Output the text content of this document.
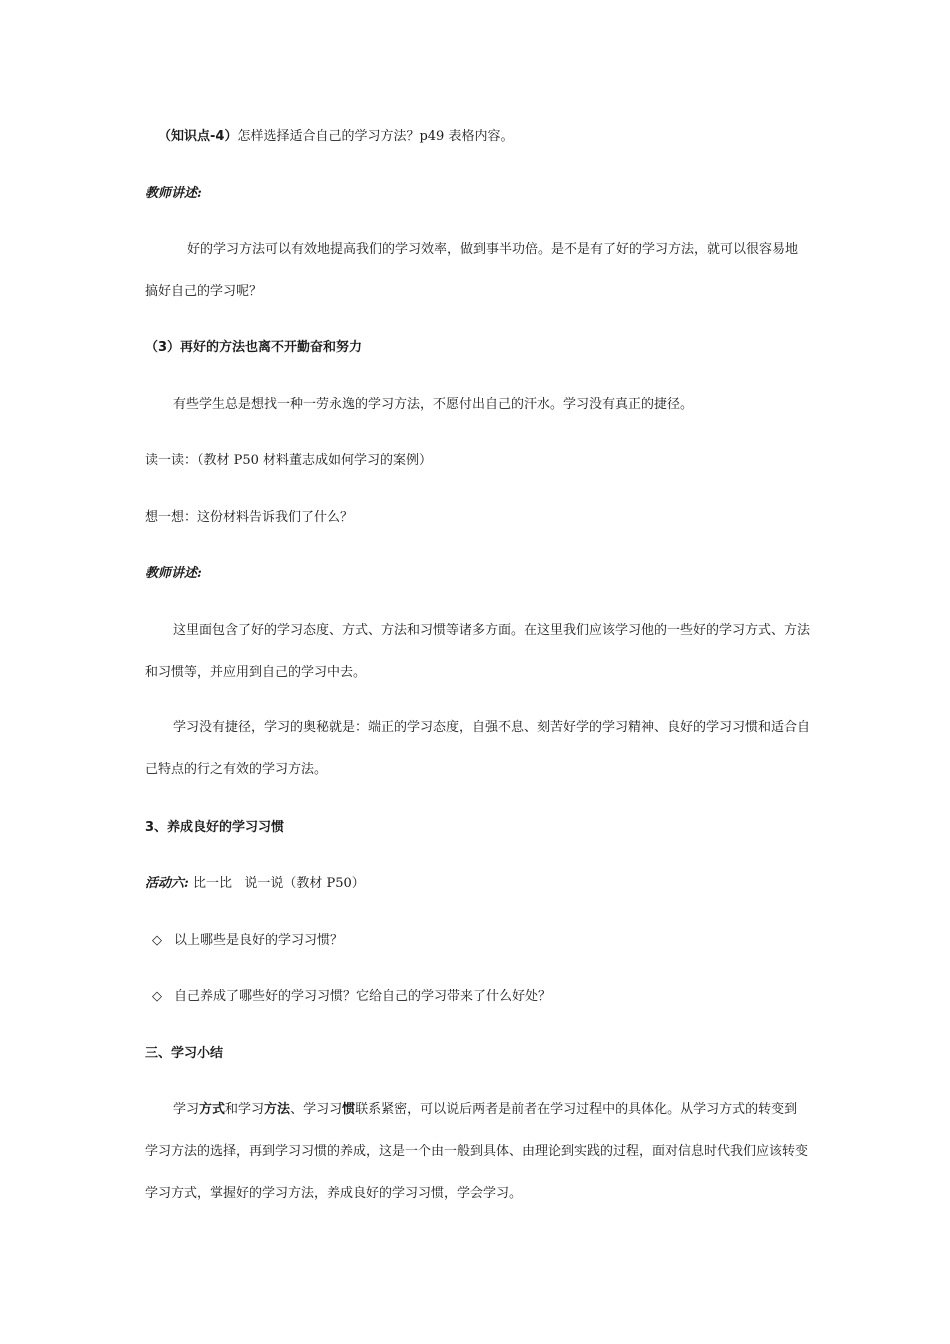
（知识点-4）怎样选择适合自己的学习方法？p49 表格内容。
教师讲述:
好的学习方法可以有效地提高我们的学习效率，做到事半功倍。是不是有了好的学习方法，就可以很容易地搞好自己的学习呢？
（3）再好的方法也离不开勤奋和努力
有些学生总是想找一种一劳永逸的学习方法，不愿付出自己的汗水。学习没有真正的捷径。
读一读：（教材 P50 材料董志成如何学习的案例）
想一想：这份材料告诉我们了什么？
教师讲述:
这里面包含了好的学习态度、方式、方法和习惯等诸多方面。在这里我们应该学习他的一些好的学习方式、方法和习惯等，并应用到自己的学习中去。
学习没有捷径，学习的奥秘就是：端正的学习态度，自强不息、刻苦好学的学习精神、良好的学习习惯和适合自己特点的行之有效的学习方法。
3、养成良好的学习习惯
活动六: 比一比   说一说（教材 P50）
◇ 以上哪些是良好的学习习惯？
◇ 自己养成了哪些好的学习习惯？它给自己的学习带来了什么好处？
三、学习小结
学习方式和学习方法、学习习惯联系紧密，可以说后两者是前者在学习过程中的具体化。从学习方式的转变到学习方法的选择，再到学习习惯的养成，这是一个由一般到具体、由理论到实践的过程，面对信息时代我们应该转变学习方式，掌握好的学习方法，养成良好的学习习惯，学会学习。
